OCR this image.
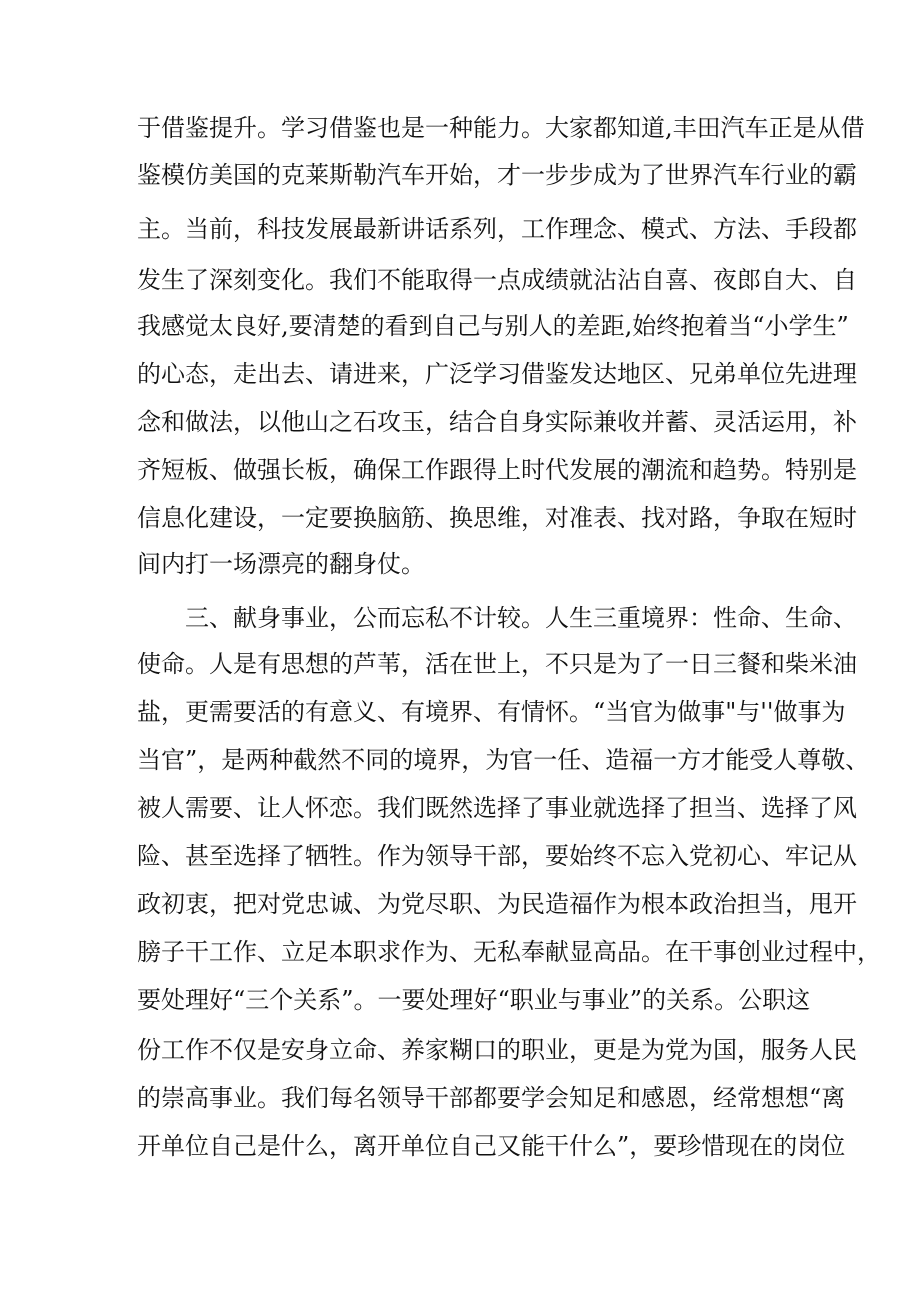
于借鉴提升。学习借鉴也是一种能力。大家都知道,丰田汽车正是从借
鉴模仿美国的克莱斯勒汽车开始，才一步步成为了世界汽车行业的霸
主。当前，科技发展最新讲话系列，工作理念、模式、方法、手段都
发生了深刻变化。我们不能取得一点成绩就沾沾自喜、夜郎自大、自
我感觉太良好,要清楚的看到自己与别人的差距,始终抱着当“小学生”
的心态，走出去、请进来，广泛学习借鉴发达地区、兄弟单位先进理
念和做法，以他山之石攻玉，结合自身实际兼收并蓄、灵活运用，补
齐短板、做强长板，确保工作跟得上时代发展的潮流和趋势。特别是
信息化建设，一定要换脑筋、换思维，对准表、找对路，争取在短时
间内打一场漂亮的翻身仗。
三、献身事业，公而忘私不计较。人生三重境界：性命、生命、
使命。人是有思想的芦苇，活在世上，不只是为了一日三餐和柴米油
盐，更需要活的有意义、有境界、有情怀。“当官为做事"与''做事为
当官”，是两种截然不同的境界，为官一任、造福一方才能受人尊敬、
被人需要、让人怀恋。我们既然选择了事业就选择了担当、选择了风
险、甚至选择了牺牲。作为领导干部，要始终不忘入党初心、牢记从
政初衷，把对党忠诚、为党尽职、为民造福作为根本政治担当，甩开
膀子干工作、立足本职求作为、无私奉献显高品。在干事创业过程中，
要处理好“三个关系”。一要处理好“职业与事业”的关系。公职这
份工作不仅是安身立命、养家糊口的职业，更是为党为国，服务人民
的崇高事业。我们每名领导干部都要学会知足和感恩，经常想想“离
开单位自己是什么，离开单位自己又能干什么”，要珍惜现在的岗位
